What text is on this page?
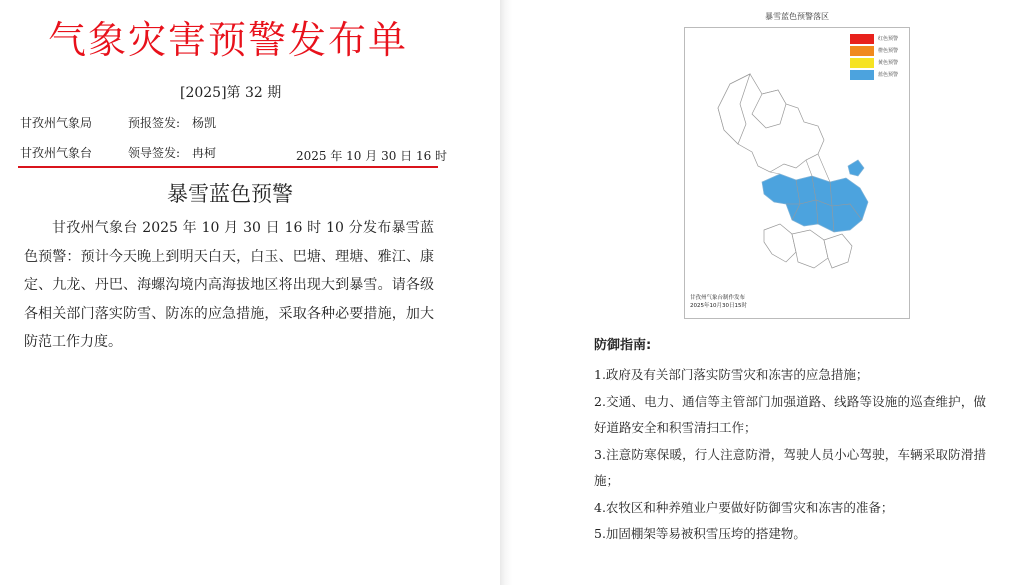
气象灾害预警发布单
[2025]第 32 期
甘孜州气象局	预报签发: 杨凯
甘孜州气象台	领导签发: 冉柯	2025 年 10 月 30 日 16 时
暴雪蓝色预警
甘孜州气象台 2025 年 10 月 30 日 16 时 10 分发布暴雪蓝色预警：预计今天晚上到明天白天，白玉、巴塘、理塘、雅江、康定、九龙、丹巴、海螺沟境内高海拔地区将出现大到暴雪。请各级各相关部门落实防雪、防冻的应急措施，采取各种必要措施，加大防范工作力度。
暴雪蓝色预警落区
红色预警
橙色预警
黄色预警
蓝色预警
甘孜州气象台制作发布
2025年10月30日15时
防御指南:
1.政府及有关部门落实防雪灾和冻害的应急措施；
2.交通、电力、通信等主管部门加强道路、线路等设施的巡查维护，做好道路安全和积雪清扫工作；
3.注意防寒保暖，行人注意防滑，驾驶人员小心驾驶，车辆采取防滑措施；
4.农牧区和种养殖业户要做好防御雪灾和冻害的准备；
5.加固棚架等易被积雪压垮的搭建物。
